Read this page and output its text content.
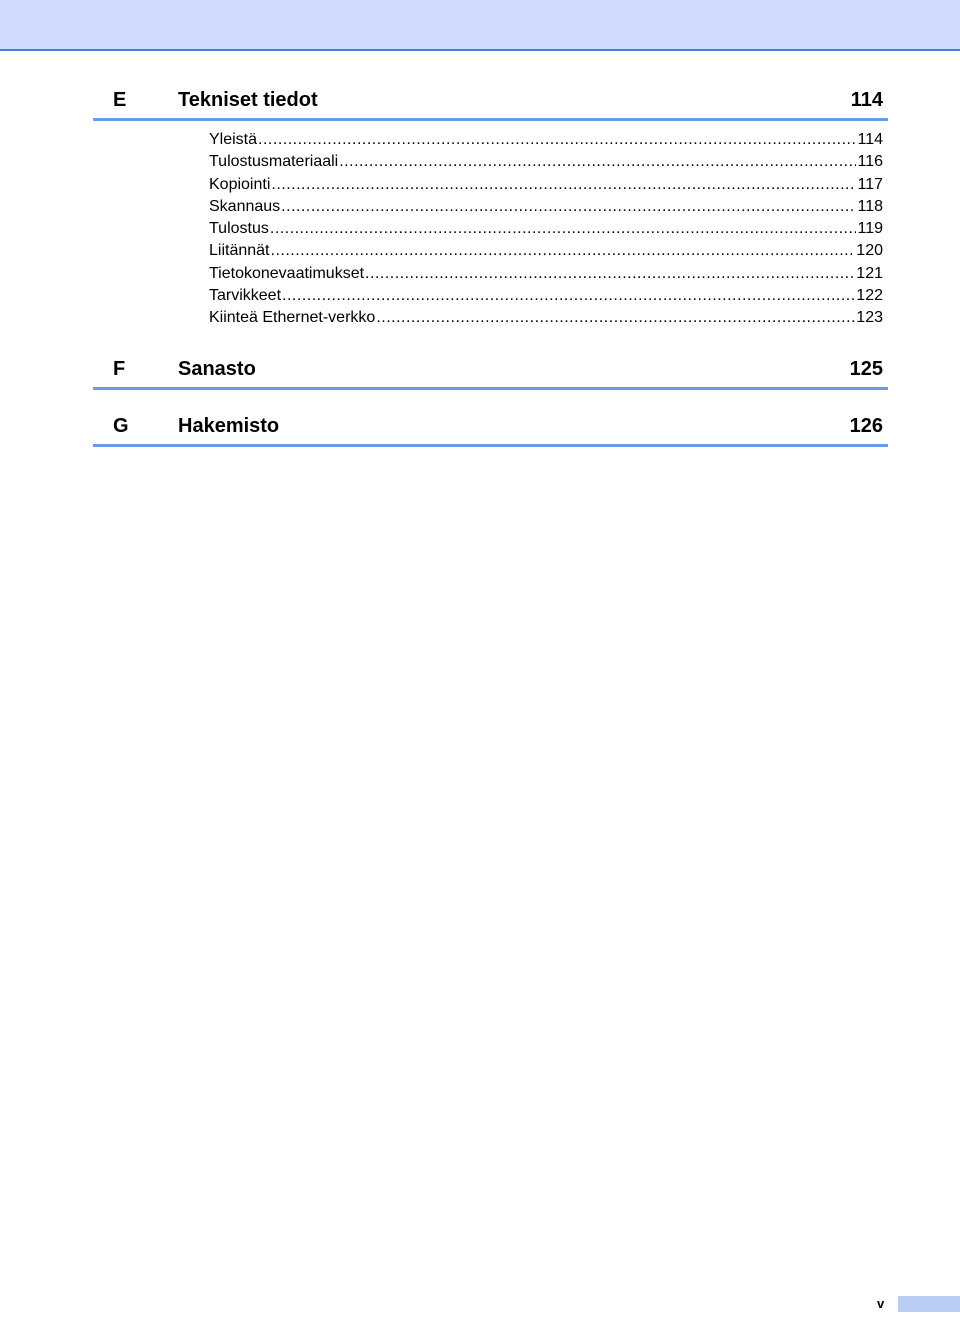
E	Tekniset tiedot	114
Yleistä .....	114
Tulostusmateriaali .....	116
Kopiointi .....	117
Skannaus .....	118
Tulostus .....	119
Liitännät .....	120
Tietokonevaatimukset .....	121
Tarvikkeet .....	122
Kiinteä Ethernet-verkko .....	123
F	Sanasto	125
G Hakemisto	126
v
